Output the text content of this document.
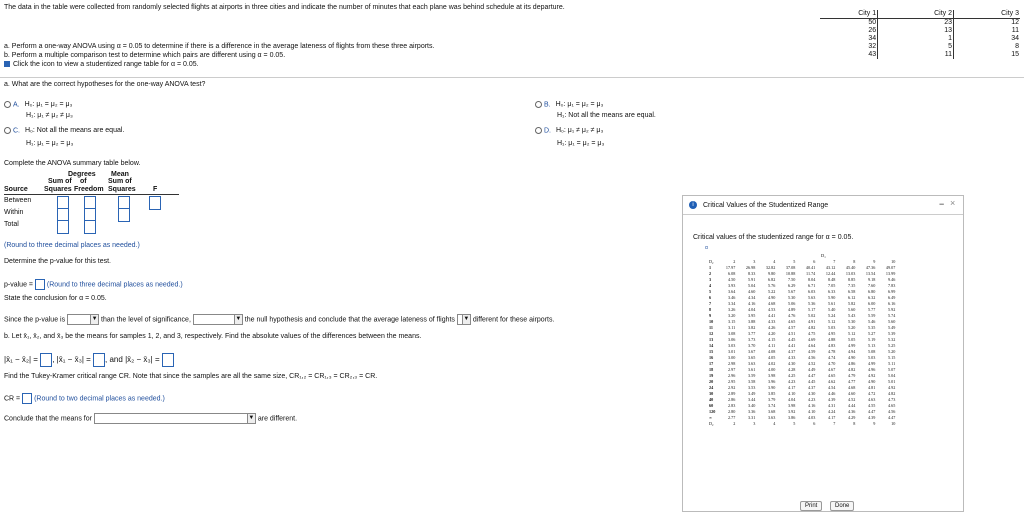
The data in the table were collected from randomly selected flights at airports in three cities and indicate the number of minutes that each plane was behind schedule at its departure.
a. Perform a one-way ANOVA using α = 0.05 to determine if there is a difference in the average lateness of flights from these three airports.
b. Perform a multiple comparison test to determine which pairs are different using α = 0.05.
Click the icon to view a studentized range table for α = 0.05.
City 1	City 2	City 3
50	23	12
26	13	11
34	1	34
32	5	8
43	11	15
a. What are the correct hypotheses for the one-way ANOVA test?
A. H₀: μ₁ = μ₂ = μ₃
H₁: μ₁ ≠ μ₂ ≠ μ₃
B. H₀: μ₁ = μ₂ = μ₃
H₁: Not all the means are equal.
C. H₀: Not all the means are equal.
H₁: μ₁ = μ₂ = μ₃
D. H₀: μ₁ ≠ μ₂ ≠ μ₃
H₁: μ₁ = μ₂ = μ₃
Complete the ANOVA summary table below.
Degrees Mean
Sum of of	Sum of
Source Squares Freedom Squares F
Between
Within
Total
(Round to three decimal places as needed.)
Determine the p-value for this test.
p-value = (Round to three decimal places as needed.)
State the conclusion for α = 0.05.
Since the p-value is	▼ than the level of significance,	▼ the null hypothesis and conclude that the average lateness of flights ▼ different for these airports.
b. Let x̄₁, x̄₂, and x̄₃ be the means for samples 1, 2, and 3, respectively. Find the absolute values of the differences between the means.
|x̄₁ − x̄₂| = , |x̄₁ − x̄₃| = , and |x̄₂ − x̄₃| =
Find the Tukey-Kramer critical range CR. Note that since the samples are all the same size, CR₁,₂ = CR₁,₃ = CR₂,₃ = CR.
CR = (Round to two decimal places as needed.)
Conclude that the means for	▼ are different.
i	Critical Values of the Studentized Range	− ×
Critical values of the studentized range for α = 0.05.
α
D₁
D₂	2	3	4	5	6	7	8	9	10
1	17.97	26.98	32.82	37.08	40.41	43.12	45.40	47.36	49.07
2	6.08	8.33	9.80	10.88	11.74	12.44	13.03	13.54	13.99
3	4.50	5.91	6.82	7.50	8.04	8.48	8.85	9.18	9.46
4	3.93	5.04	5.76	6.29	6.71	7.05	7.35	7.60	7.83
5	3.64	4.60	5.22	5.67	6.03	6.33	6.58	6.80	6.99
6	3.46	4.34	4.90	5.30	5.63	5.90	6.12	6.32	6.49
7	3.34	4.16	4.68	5.06	5.36	5.61	5.82	6.00	6.16
8	3.26	4.04	4.53	4.89	5.17	5.40	5.60	5.77	5.92
9	3.20	3.95	4.41	4.76	5.02	5.24	5.43	5.59	5.74
10	3.15	3.88	4.33	4.65	4.91	5.12	5.30	5.46	5.60
11	3.11	3.82	4.26	4.57	4.82	5.03	5.20	5.35	5.49
12	3.08	3.77	4.20	4.51	4.75	4.95	5.12	5.27	5.39
13	3.06	3.73	4.15	4.45	4.69	4.88	5.05	5.19	5.32
14	3.03	3.70	4.11	4.41	4.64	4.83	4.99	5.13	5.25
15	3.01	3.67	4.08	4.37	4.59	4.78	4.94	5.08	5.20
16	3.00	3.65	4.05	4.33	4.56	4.74	4.90	5.03	5.15
17	2.98	3.63	4.02	4.30	4.52	4.70	4.86	4.99	5.11
18	2.97	3.61	4.00	4.28	4.49	4.67	4.82	4.96	5.07
19	2.96	3.59	3.98	4.25	4.47	4.65	4.79	4.92	5.04
20	2.95	3.58	3.96	4.23	4.45	4.62	4.77	4.90	5.01
24	2.92	3.53	3.90	4.17	4.37	4.54	4.68	4.81	4.92
30	2.89	3.49	3.85	4.10	4.30	4.46	4.60	4.72	4.82
40	2.86	3.44	3.79	4.04	4.23	4.39	4.52	4.63	4.73
60	2.83	3.40	3.74	3.98	4.16	4.31	4.44	4.55	4.65
120	2.80	3.36	3.68	3.92	4.10	4.24	4.36	4.47	4.56
∞	2.77	3.31	3.63	3.86	4.03	4.17	4.29	4.39	4.47
D₂	2	3	4	5	6	7	8	9	10
Print	Done
